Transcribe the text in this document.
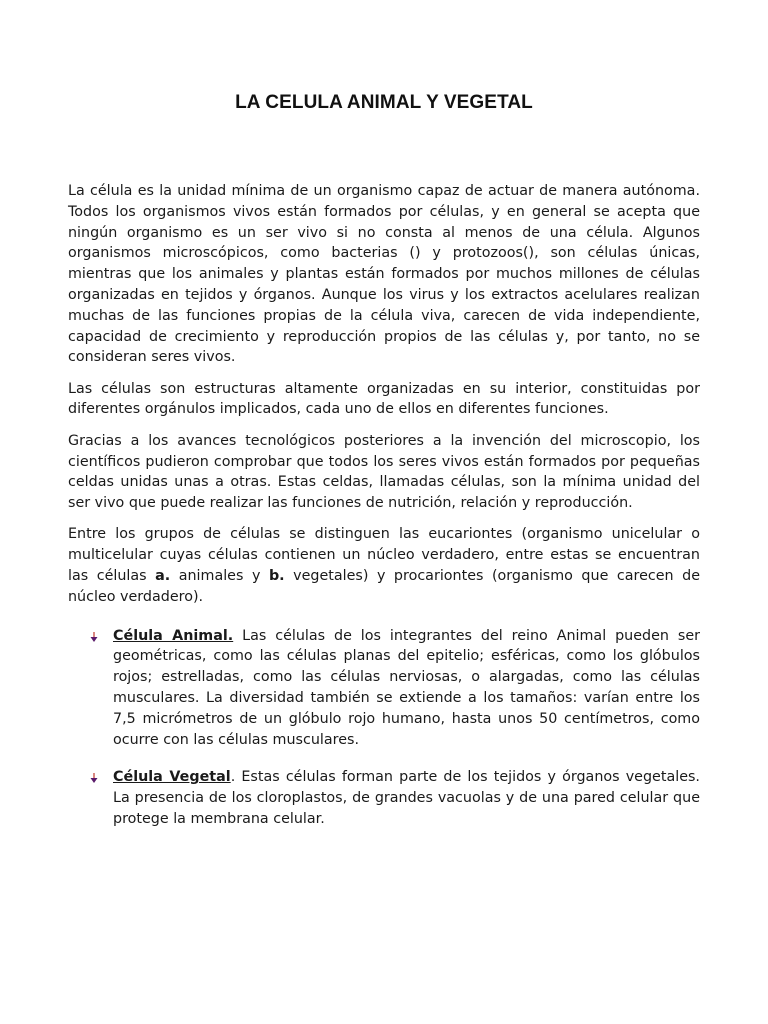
LA CELULA ANIMAL Y VEGETAL

La célula es la unidad mínima de un organismo capaz de actuar de manera autónoma. Todos los organismos vivos están formados por células, y en general se acepta que ningún organismo es un ser vivo si no consta al menos de una célula. Algunos organismos microscópicos, como bacterias () y protozoos(), son células únicas, mientras que los animales y plantas están formados por muchos millones de células organizadas en tejidos y órganos. Aunque los virus y los extractos acelulares realizan muchas de las funciones propias de la célula viva, carecen de vida independiente, capacidad de crecimiento y reproducción propios de las células y, por tanto, no se consideran seres vivos.

Las células son estructuras altamente organizadas en su interior, constituidas por diferentes orgánulos implicados, cada uno de ellos en diferentes funciones.

Gracias a los avances tecnológicos posteriores a la invención del microscopio, los científicos pudieron comprobar que todos los seres vivos están formados por pequeñas celdas unidas unas a otras. Estas celdas, llamadas células, son la mínima unidad del ser vivo que puede realizar las funciones de nutrición, relación y reproducción.

Entre los grupos de células se distinguen las eucariontes (organismo unicelular o multicelular cuyas células contienen un núcleo verdadero, entre estas se encuentran las células a. animales y b. vegetales) y procariontes (organismo que carecen de núcleo verdadero).

Célula Animal. Las células de los integrantes del reino Animal pueden ser geométricas, como las células planas del epitelio; esféricas, como los glóbulos rojos; estrelladas, como las células nerviosas, o alargadas, como las células musculares. La diversidad también se extiende a los tamaños: varían entre los 7,5 micrómetros de un glóbulo rojo humano, hasta unos 50 centímetros, como ocurre con las células musculares.
Célula Vegetal. Estas células forman parte de los tejidos y órganos vegetales. La presencia de los cloroplastos, de grandes vacuolas y de una pared celular que protege la membrana celular.
